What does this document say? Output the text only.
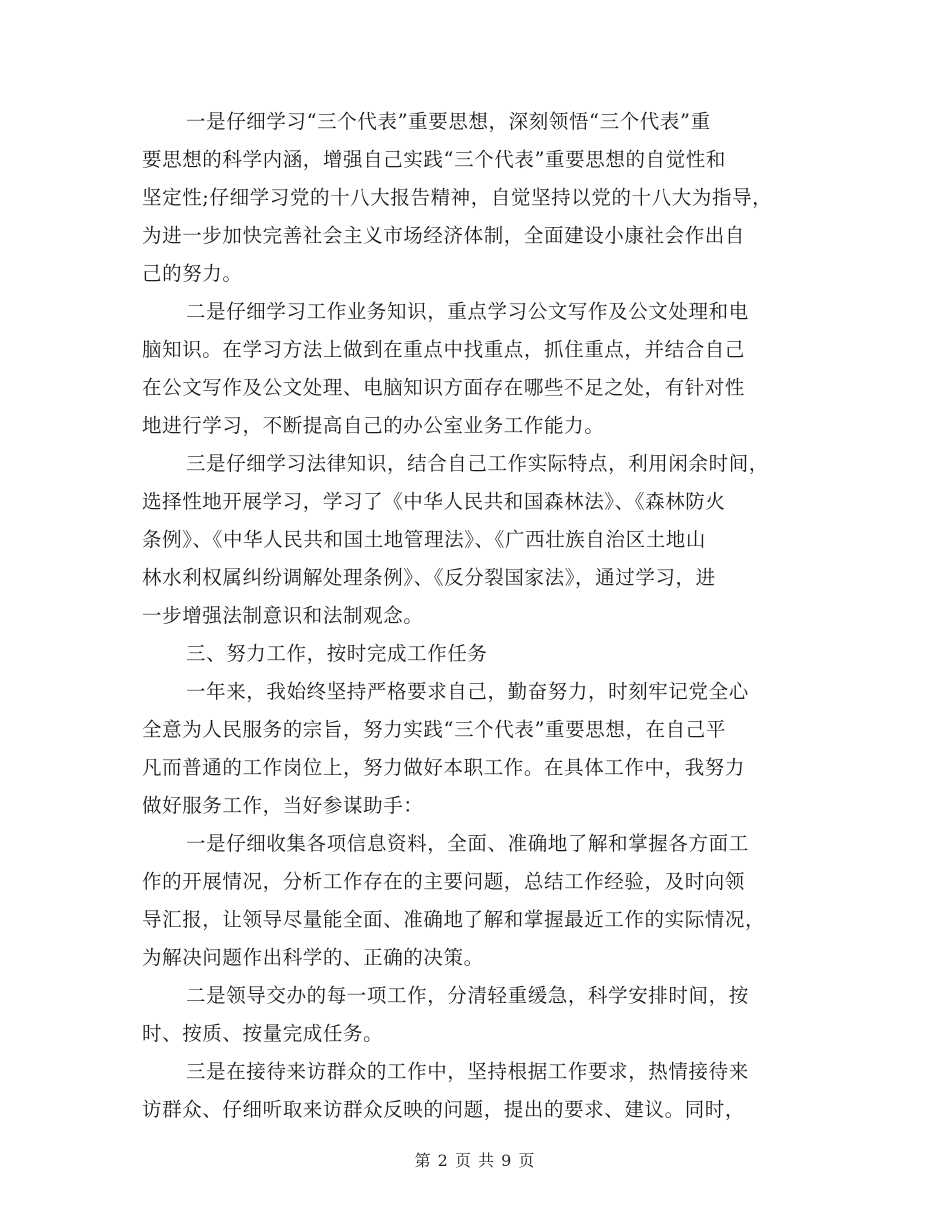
一是仔细学习“三个代表”重要思想，深刻领悟“三个代表”重
要思想的科学内涵，增强自己实践“三个代表”重要思想的自觉性和
坚定性;仔细学习党的十八大报告精神，自觉坚持以党的十八大为指导，
为进一步加快完善社会主义市场经济体制，全面建设小康社会作出自
己的努力。
二是仔细学习工作业务知识，重点学习公文写作及公文处理和电
脑知识。在学习方法上做到在重点中找重点，抓住重点，并结合自己
在公文写作及公文处理、电脑知识方面存在哪些不足之处，有针对性
地进行学习，不断提高自己的办公室业务工作能力。
三是仔细学习法律知识，结合自己工作实际特点，利用闲余时间，
选择性地开展学习，学习了《中华人民共和国森林法》、《森林防火
条例》、《中华人民共和国土地管理法》、《广西壮族自治区土地山
林水利权属纠纷调解处理条例》、《反分裂国家法》，通过学习，进
一步增强法制意识和法制观念。
三、努力工作，按时完成工作任务
一年来，我始终坚持严格要求自己，勤奋努力，时刻牢记党全心
全意为人民服务的宗旨，努力实践“三个代表”重要思想，在自己平
凡而普通的工作岗位上，努力做好本职工作。在具体工作中，我努力
做好服务工作，当好参谋助手：
一是仔细收集各项信息资料，全面、准确地了解和掌握各方面工
作的开展情况，分析工作存在的主要问题，总结工作经验，及时向领
导汇报，让领导尽量能全面、准确地了解和掌握最近工作的实际情况，
为解决问题作出科学的、正确的决策。
二是领导交办的每一项工作，分清轻重缓急，科学安排时间，按
时、按质、按量完成任务。
三是在接待来访群众的工作中，坚持根据工作要求，热情接待来
访群众、仔细听取来访群众反映的问题，提出的要求、建议。同时，
第 2 页 共 9 页
